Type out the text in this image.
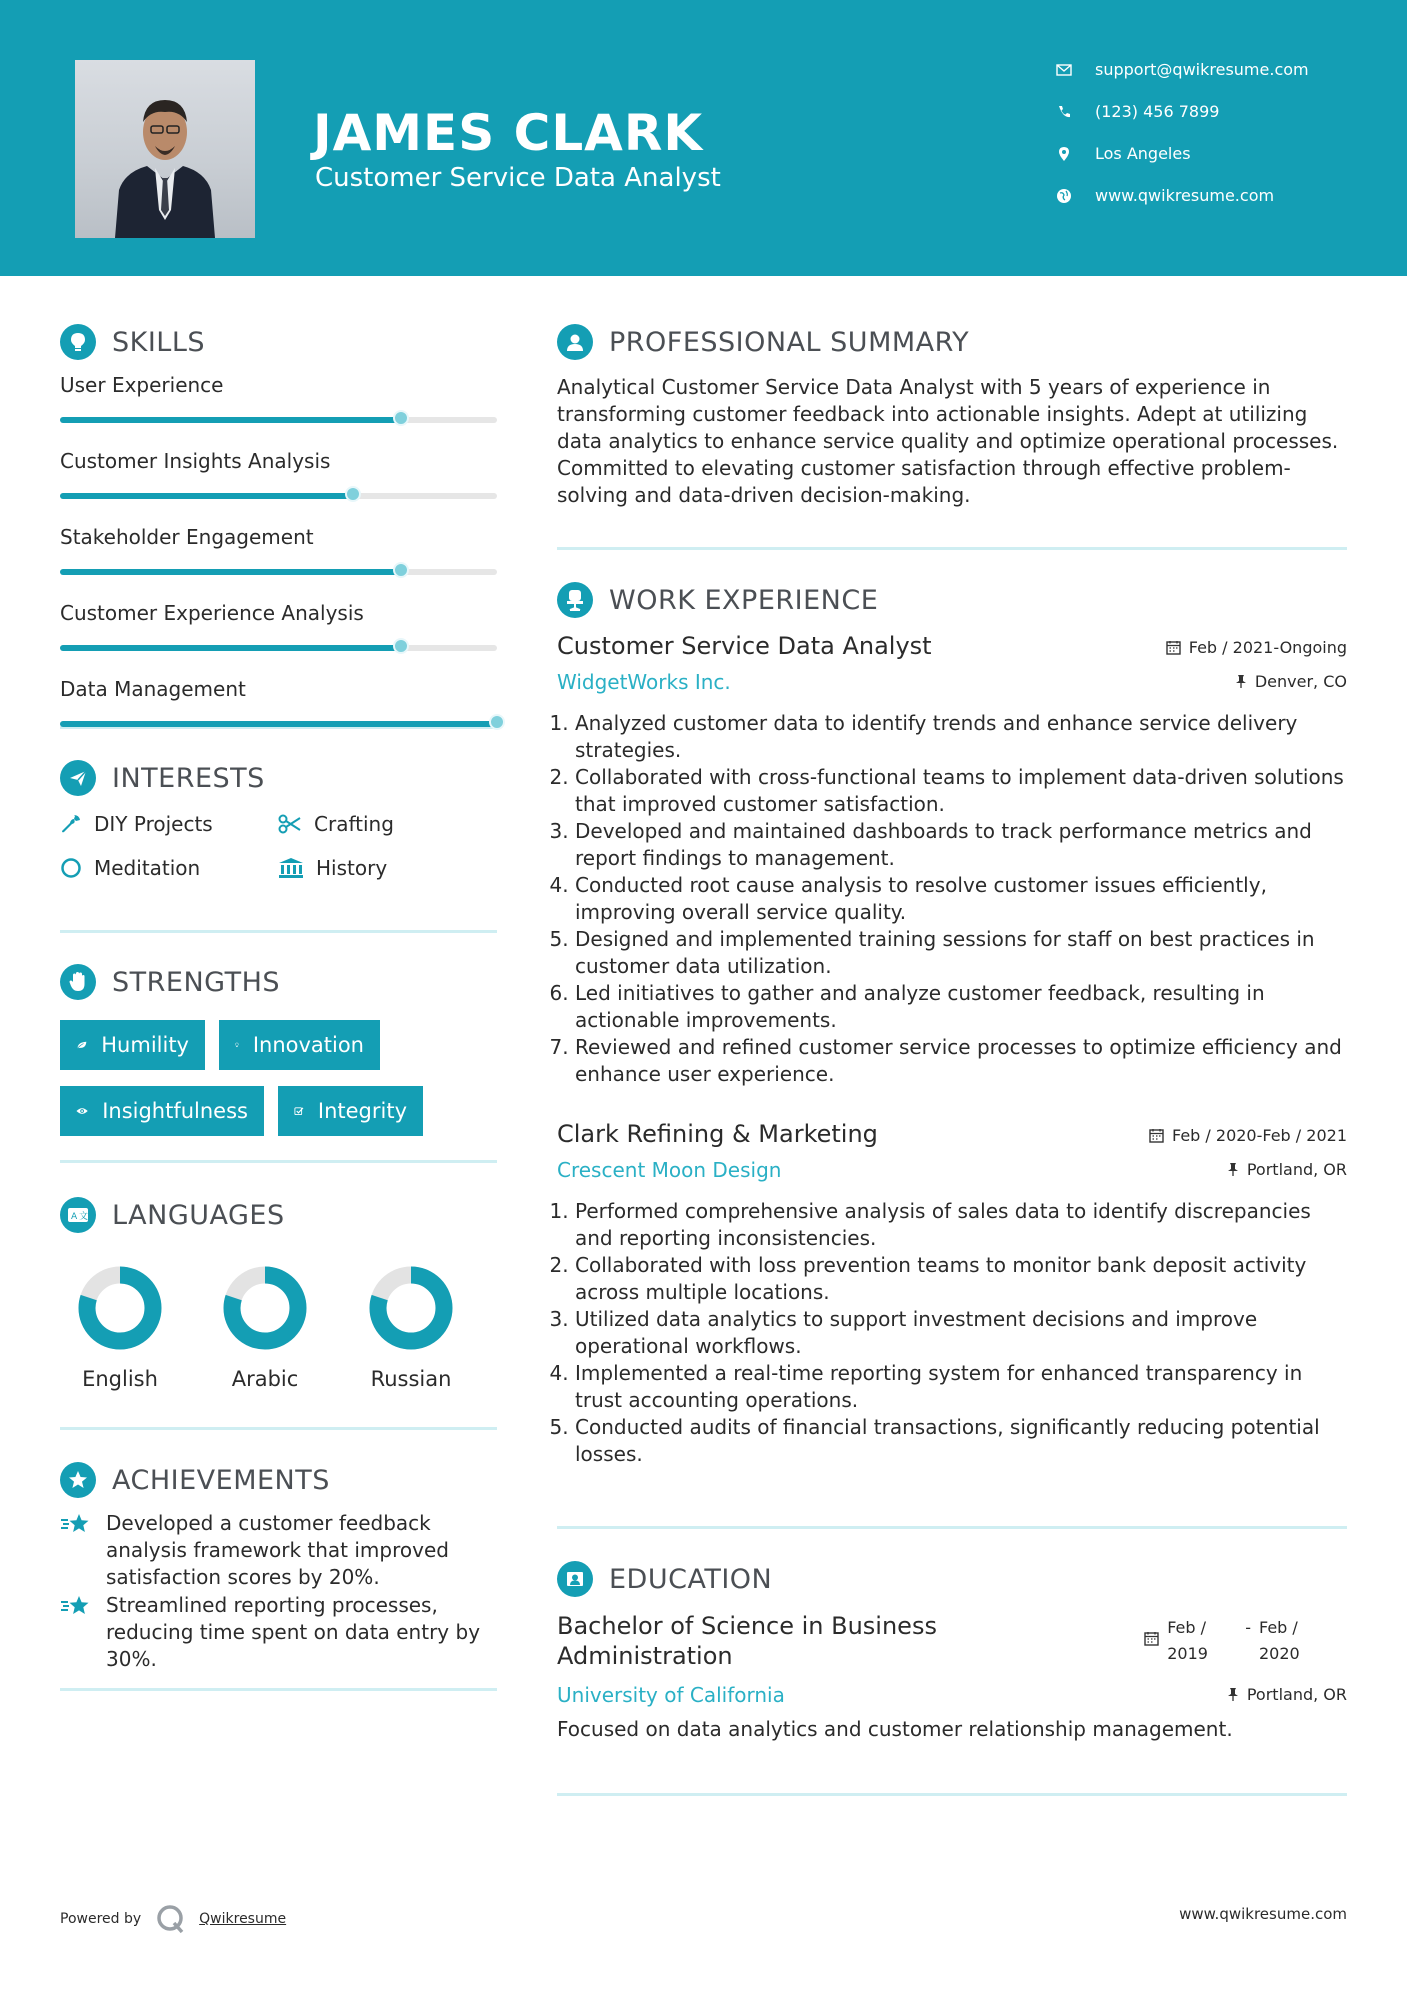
JAMES CLARK

Customer Service Data Analyst

support@qwikresume.com
(123) 456 7899
Los Angeles
www.qwikresume.com
SKILLS
User Experience
Customer Insights Analysis
Stakeholder Engagement
Customer Experience Analysis
Data Management
INTERESTS
DIY Projects	Crafting
Meditation	History
STRENGTHS
Humility	Innovation
Insightfulness	Integrity
A 文 LANGUAGES
English	Arabic	Russian
ACHIEVEMENTS
Developed a customer feedback analysis framework that improved satisfaction scores by 20%.
Streamlined reporting processes, reducing time spent on data entry by 30%.
PROFESSIONAL SUMMARY

Analytical Customer Service Data Analyst with 5 years of experience in transforming customer feedback into actionable insights. Adept at utilizing data analytics to enhance service quality and optimize operational processes. Committed to elevating customer satisfaction through effective problem-solving and data-driven decision-making.

WORK EXPERIENCE
Customer Service Data Analyst	Feb / 2021-Ongoing
WidgetWorks Inc.	Denver, CO
1. Analyzed customer data to identify trends and enhance service delivery strategies.
2. Collaborated with cross-functional teams to implement data-driven solutions that improved customer satisfaction.
3. Developed and maintained dashboards to track performance metrics and report findings to management.
4. Conducted root cause analysis to resolve customer issues efficiently, improving overall service quality.
5. Designed and implemented training sessions for staff on best practices in customer data utilization.
6. Led initiatives to gather and analyze customer feedback, resulting in actionable improvements.
7. Reviewed and refined customer service processes to optimize efficiency and enhance user experience.
Clark Refining & Marketing	Feb / 2020-Feb / 2021
Crescent Moon Design	Portland, OR
1. Performed comprehensive analysis of sales data to identify discrepancies and reporting inconsistencies.
2. Collaborated with loss prevention teams to monitor bank deposit activity across multiple locations.
3. Utilized data analytics to support investment decisions and improve operational workflows.
4. Implemented a real-time reporting system for enhanced transparency in trust accounting operations.
5. Conducted audits of financial transactions, significantly reducing potential losses.
EDUCATION
Bachelor of Science in Business Administration
Feb / 2019
- Feb / 2020
University of California	Portland, OR
Focused on data analytics and customer relationship management.
Powered by	Qwikresume	www.qwikresume.com
